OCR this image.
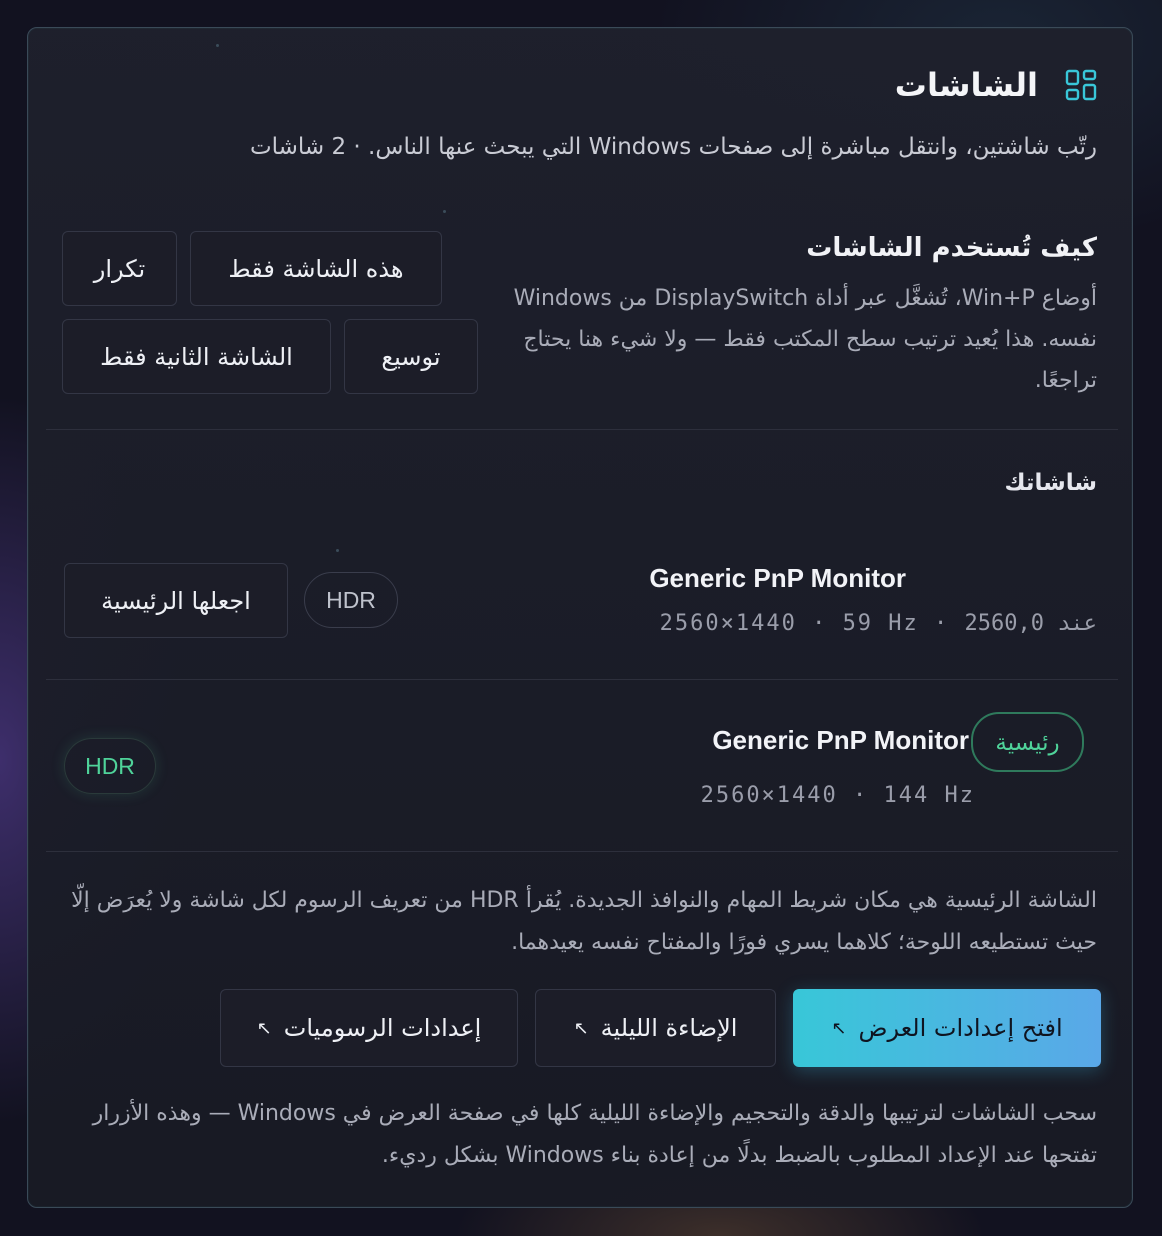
الشاشات
رتّب شاشتين، وانتقل مباشرة إلى صفحات Windows التي يبحث عنها الناس. · 2 شاشات
كيف تُستخدم الشاشات
أوضاع Win+P، تُشغَّل عبر أداة DisplaySwitch من Windows نفسه. هذا يُعيد ترتيب سطح المكتب فقط — ولا شيء هنا يحتاج تراجعًا.
تكرار	هذه الشاشة فقط
الشاشة الثانية فقط	توسيع
شاشاتك
Generic PnP Monitor
2560×1440 · 59 Hz · عند 2560,0
HDR
اجعلها الرئيسية
رئيسية
Generic PnP Monitor
2560×1440 · 144 Hz
HDR
الشاشة الرئيسية هي مكان شريط المهام والنوافذ الجديدة. يُقرأ HDR من تعريف الرسوم لكل شاشة ولا يُعرَض إلّا حيث تستطيعه اللوحة؛ كلاهما يسري فورًا والمفتاح نفسه يعيدهما.
افتح إعدادات العرض
↖
الإضاءة الليلية
↖
إعدادات الرسوميات
↖
سحب الشاشات لترتيبها والدقة والتحجيم والإضاءة الليلية كلها في صفحة العرض في Windows — وهذه الأزرار تفتحها عند الإعداد المطلوب بالضبط بدلًا من إعادة بناء Windows بشكل رديء.
